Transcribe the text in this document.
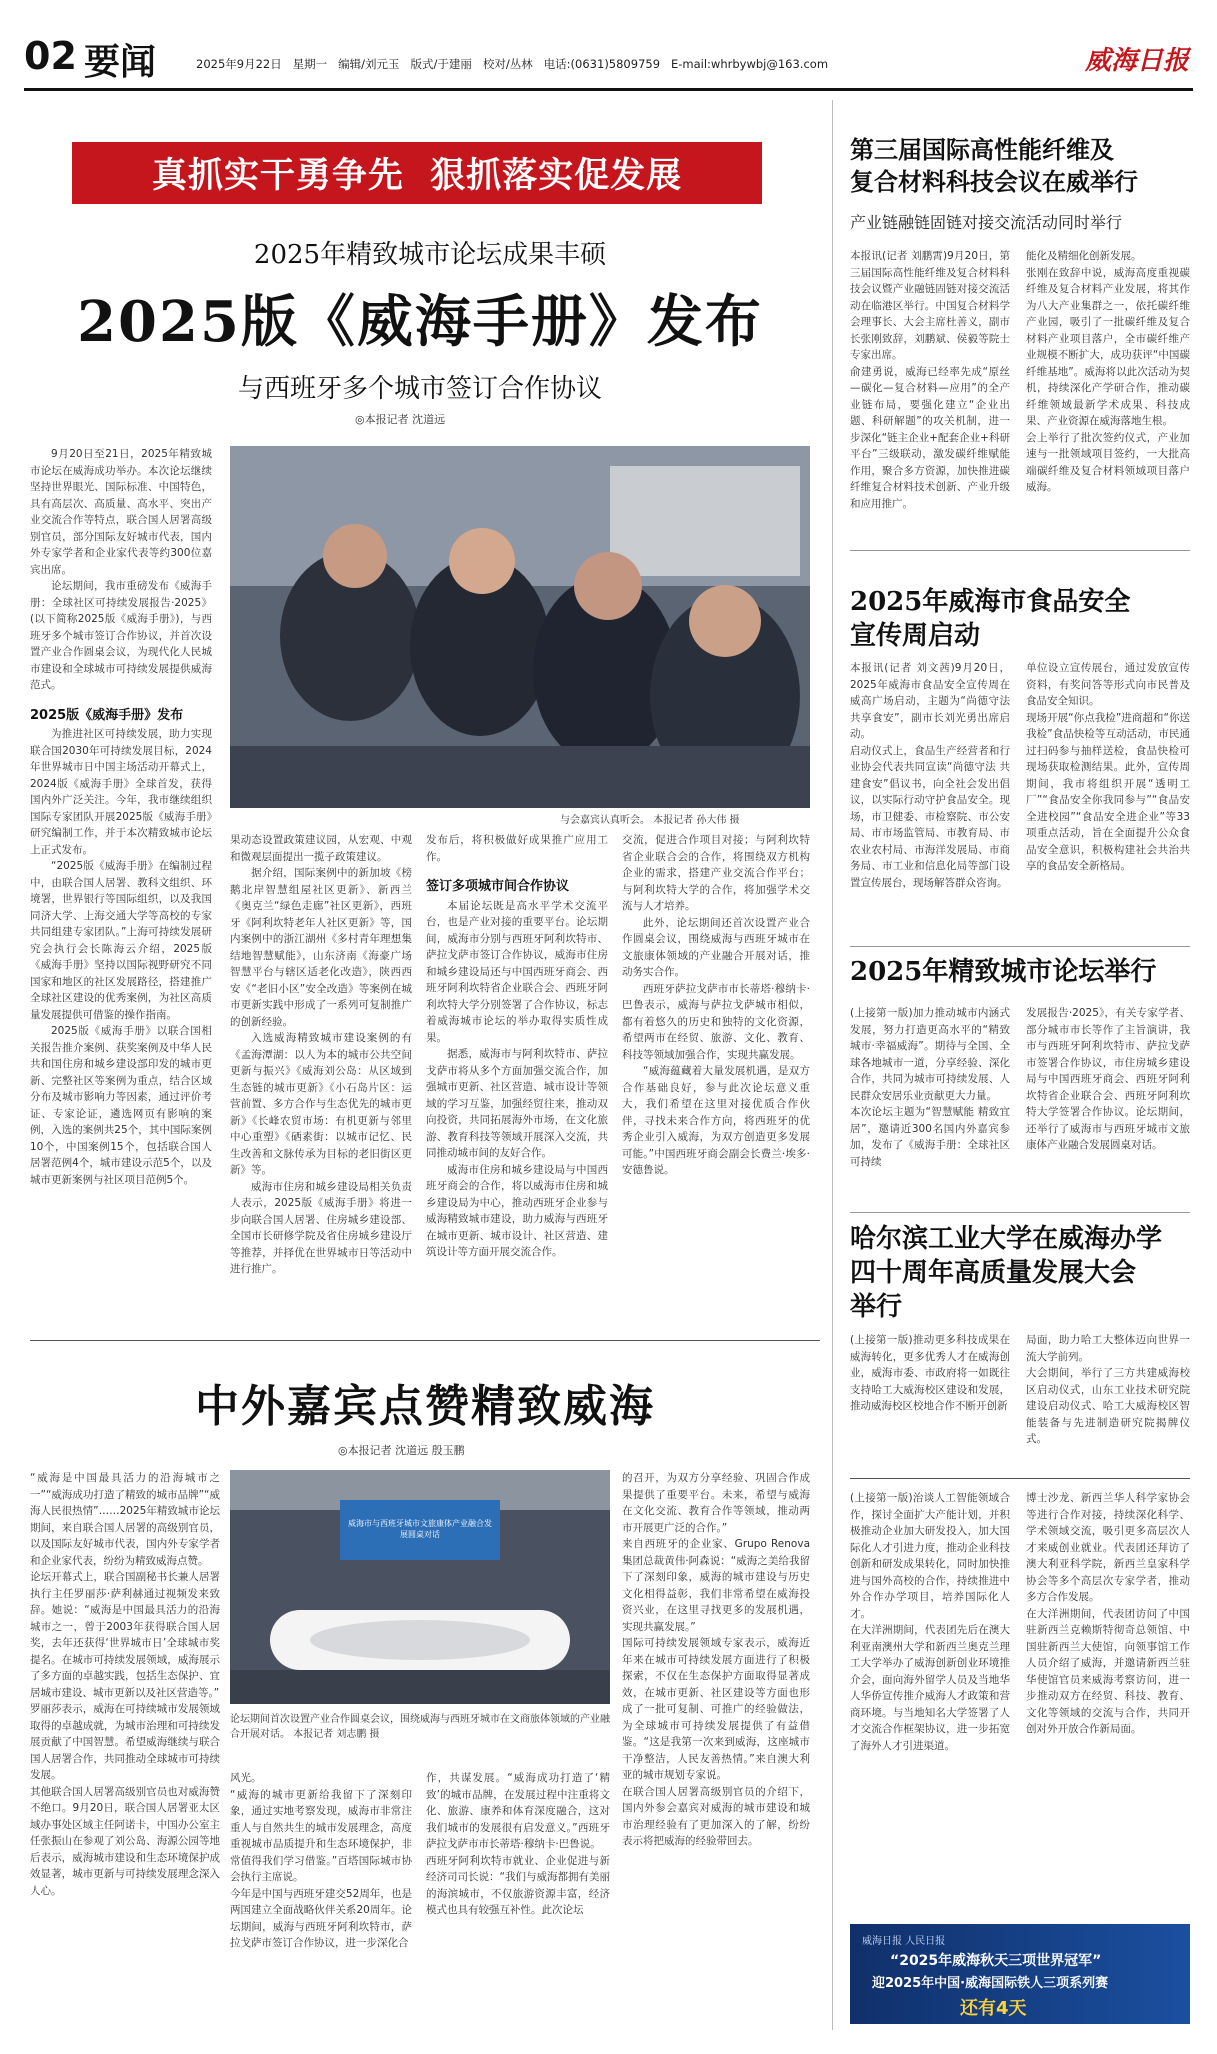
02 要闻	2025年9月22日 星期一 编辑/刘元玉 版式/于建丽 校对/丛林 电话:(0631)5809759 E-mail:whrbywbj@163.com	威海日报
真抓实干勇争先  狠抓落实促发展
2025年精致城市论坛成果丰硕
2025版《威海手册》发布
与西班牙多个城市签订合作协议
◎本报记者 沈道远

9月20日至21日，2025年精致城市论坛在威海成功举办。本次论坛继续坚持世界眼光、国际标准、中国特色，具有高层次、高质量、高水平、突出产业交流合作等特点，联合国人居署高级别官员，部分国际友好城市代表，国内外专家学者和企业家代表等约300位嘉宾出席。

论坛期间，我市重磅发布《威海手册：全球社区可持续发展报告·2025》(以下简称2025版《威海手册》)，与西班牙多个城市签订合作协议，并首次设置产业合作圆桌会议，为现代化人民城市建设和全球城市可持续发展提供威海范式。

2025版《威海手册》发布

为推进社区可持续发展，助力实现联合国2030年可持续发展目标，2024年世界城市日中国主场活动开幕式上，2024版《威海手册》全球首发，获得国内外广泛关注。今年，我市继续组织国际专家团队开展2025版《威海手册》研究编制工作，并于本次精致城市论坛上正式发布。

“2025版《威海手册》在编制过程中，由联合国人居署、教科文组织、环境署，世界银行等国际组织，以及我国同济大学、上海交通大学等高校的专家共同组建专家团队。”上海可持续发展研究会执行会长陈海云介绍，2025版《威海手册》坚持以国际视野研究不同国家和地区的社区发展路径，搭建推广全球社区建设的优秀案例，为社区高质量发展提供可借鉴的操作指南。

2025版《威海手册》以联合国相关报告推介案例、获奖案例及中华人民共和国住房和城乡建设部印发的城市更新、完整社区等案例为重点，结合区域分布及城市影响力等因素，通过评价考证、专家论证，遴选网页有影响的案例，入选的案例共25个，其中国际案例10个，中国案例15个，包括联合国人居署范例4个，城市建设示范5个，以及城市更新案例与社区项目范例5个。

与会嘉宾认真听会。 本报记者 孙大伟 摄

果动态设置政策建议园，从宏观、中观和微观层面提出一揽子政策建议。

据介绍，国际案例中的新加坡《榜鹅北岸智慧组屋社区更新》、新西兰《奥克兰“绿色走廊”社区更新》，西班牙《阿利坎特老年人社区更新》等，国内案例中的浙江湖州《多村青年理想集结地智慧赋能》，山东济南《海豪广场智慧平台与辖区适老化改造》，陕西西安《“老旧小区”安全改造》等案例在城市更新实践中形成了一系列可复制推广的创新经验。

入选威海精致城市建设案例的有《孟海潭湖：以人为本的城市公共空间更新与振兴》《威海刘公岛：从区域到生态链的城市更新》《小石岛片区：运营前置、多方合作与生态优先的城市更新》《长峰农贸市场：有机更新与邻里中心重塑》《硒素街：以城市记忆、民生改善和文脉传承为目标的老旧街区更新》等。

威海市住房和城乡建设局相关负责人表示，2025版《威海手册》将进一步向联合国人居署、住房城乡建设部、全国市长研修学院及省住房城乡建设厅等推荐，并择优在世界城市日等活动中进行推广。

发布后，将积极做好成果推广应用工作。

签订多项城市间合作协议

本届论坛既是高水平学术交流平台，也是产业对接的重要平台。论坛期间，威海市分别与西班牙阿利坎特市、萨拉戈萨市签订合作协议，威海市住房和城乡建设局还与中国西班牙商会、西班牙阿利坎特省企业联合会、西班牙阿利坎特大学分别签署了合作协议，标志着威海城市论坛的举办取得实质性成果。

据悉，威海市与阿利坎特市、萨拉戈萨市将从多个方面加强交流合作，加强城市更新、社区营造、城市设计等领域的学习互鉴，加强经贸往来，推动双向投资，共同拓展海外市场，在文化旅游、教育科技等领域开展深入交流，共同推动城市间的友好合作。

威海市住房和城乡建设局与中国西班牙商会的合作，将以威海市住房和城乡建设局为中心，推动西班牙企业参与威海精致城市建设，助力威海与西班牙在城市更新、城市设计、社区营造、建筑设计等方面开展交流合作。

交流，促进合作项目对接；与阿利坎特省企业联合会的合作，将围绕双方机构企业的需求，搭建产业交流合作平台；与阿利坎特大学的合作，将加强学术交流与人才培养。

此外，论坛期间还首次设置产业合作圆桌会议，围绕威海与西班牙城市在文旅康体领域的产业融合开展对话，推动务实合作。

西班牙萨拉戈萨市市长蒂塔·穆纳卡·巴鲁表示，威海与萨拉戈萨城市相似，都有着悠久的历史和独特的文化资源，希望两市在经贸、旅游、文化、教育、科技等领域加强合作，实现共赢发展。

“威海蕴藏着大量发展机遇，是双方合作基础良好，参与此次论坛意义重大，我们希望在这里对接优质合作伙伴，寻找未来合作方向，将西班牙的优秀企业引入威海，为双方创造更多发展可能。”中国西班牙商会副会长费兰·埃多·安德鲁说。

第三届国际高性能纤维及
复合材料科技会议在威举行
产业链融链固链对接交流活动同时举行
本报讯(记者 刘鹏霄)9月20日，第三届国际高性能纤维及复合材料科技会议暨产业融链固链对接交流活动在临港区举行。中国复合材料学会理事长、大会主席杜善义，副市长张刚致辞，刘鹏斌、侯毅等院士专家出席。
俞建勇说，威海已经率先成“原丝—碳化—复合材料—应用”的全产业链布局，要强化建立“企业出题、科研解题”的攻关机制，进一步深化“链主企业+配套企业+科研平台”三级联动，激发碳纤维赋能作用，聚合多方资源，加快推进碳纤维复合材料技术创新、产业升级和应用推广。
能化及精细化创新发展。
张刚在致辞中说，威海高度重视碳纤维及复合材料产业发展，将其作为八大产业集群之一，依托碳纤维产业园，吸引了一批碳纤维及复合材料产业项目落户，全市碳纤维产业规模不断扩大，成功获评“中国碳纤维基地”。威海将以此次活动为契机，持续深化产学研合作，推动碳纤维领域最新学术成果、科技成果、产业资源在威海落地生根。
会上举行了批次签约仪式，产业加速与一批领域项目签约，一大批高端碳纤维及复合材料领域项目落户威海。
2025年威海市食品安全
宣传周启动
本报讯(记者 刘文茜)9月20日，2025年威海市食品安全宣传周在威高广场启动，主题为“尚德守法 共享食安”，副市长刘光勇出席启动。
启动仪式上，食品生产经营者和行业协会代表共同宣读“尚德守法 共建食安”倡议书，向全社会发出倡议，以实际行动守护食品安全。现场，市卫健委、市检察院、市公安局、市市场监管局、市教育局、市农业农村局、市海洋发展局、市商务局、市工业和信息化局等部门设置宣传展台，现场解答群众咨询。
单位设立宣传展台，通过发放宣传资料，有奖问答等形式向市民普及食品安全知识。
现场开展“你点我检”进商超和“你送我检”食品快检等互动活动，市民通过扫码参与抽样送检，食品快检可现场获取检测结果。此外，宣传周期间，我市将组织开展“透明工厂”“食品安全你我同参与”“食品安全进校园”“食品安全进企业”等33项重点活动，旨在全面提升公众食品安全意识，积极构建社会共治共享的食品安全新格局。
2025年精致城市论坛举行
(上接第一版)加力推动城市内涵式发展，努力打造更高水平的“精致城市·幸福威海”。期待与全国、全球各地城市一道，分享经验、深化合作，共同为城市可持续发展、人民群众安居乐业贡献更大力量。
本次论坛主题为“智慧赋能 精致宜居”，邀请近300名国内外嘉宾参加，发布了《威海手册：全球社区可持续
发展报告·2025》，有关专家学者、部分城市市长等作了主旨演讲，我市与西班牙阿利坎特市、萨拉戈萨市签署合作协议，市住房城乡建设局与中国西班牙商会、西班牙阿利坎特省企业联合会、西班牙阿利坎特大学签署合作协议。论坛期间，还举行了威海市与西班牙城市文旅康体产业融合发展圆桌对话。
哈尔滨工业大学在威海办学
四十周年高质量发展大会
举行
(上接第一版)推动更多科技成果在威海转化，更多优秀人才在威海创业，威海市委、市政府将一如既往支持哈工大威海校区建设和发展，推动威海校区校地合作不断开创新
局面，助力哈工大整体迈向世界一流大学前列。
大会期间，举行了三方共建威海校区启动仪式，山东工业技术研究院建设启动仪式、哈工大威海校区智能装备与先进制造研究院揭牌仪式。
中外嘉宾点赞精致威海
◎本报记者 沈道远 殷玉鹏
“威海是中国最具活力的沿海城市之一”“威海成功打造了精致的城市品牌”“威海人民很热情”……2025年精致城市论坛期间，来自联合国人居署的高级别官员，以及国际友好城市代表，国内外专家学者和企业家代表，纷纷为精致威海点赞。
论坛开幕式上，联合国副秘书长兼人居署执行主任罗丽莎·萨利赫通过视频发来致辞。她说：“威海是中国最具活力的沿海城市之一，曾于2003年获得联合国人居奖，去年还获得‘世界城市日’全球城市奖提名。在城市可持续发展领域，威海展示了多方面的卓越实践，包括生态保护、宜居城市建设、城市更新以及社区营造等。”
罗丽莎表示，威海在可持续城市发展领域取得的卓越成就，为城市治理和可持续发展贡献了中国智慧。希望威海继续与联合国人居署合作，共同推动全球城市可持续发展。
其他联合国人居署高级别官员也对威海赞不绝口。9月20日，联合国人居署亚太区域办事处区域主任阿诺卡，中国办公室主任张振山在参观了刘公岛、海源公园等地后表示，威海城市建设和生态环境保护成效显著，城市更新与可持续发展理念深入人心。
威海市与西班牙城市文旅康体产业融合发展圆桌对话
论坛期间首次设置产业合作圆桌会议，围绕威海与西班牙城市在文商旅体领域的产业融合开展对话。 本报记者 刘志鹏 摄
风光。
“威海的城市更新给我留下了深刻印象，通过实地考察发现，威海市非常注重人与自然共生的城市发展理念，高度重视城市品质提升和生态环境保护，非常值得我们学习借鉴。”百塔国际城市协会执行主席说。
今年是中国与西班牙建交52周年，也是两国建立全面战略伙伴关系20周年。论坛期间，威海与西班牙阿利坎特市，萨拉戈萨市签订合作协议，进一步深化合
作，共谋发展。“威海成功打造了‘精致’的城市品牌，在发展过程中注重将文化、旅游、康养和体育深度融合，这对我们城市的发展很有启发意义。”西班牙萨拉戈萨市市长蒂塔·穆纳卡·巴鲁说。
西班牙阿利坎特市就业、企业促进与新经济司司长说：“我们与威海都拥有美丽的海滨城市，不仅旅游资源丰富，经济模式也具有较强互补性。此次论坛
的召开，为双方分享经验、巩固合作成果提供了重要平台。未来，希望与威海在文化交流、教育合作等领域，推动两市开展更广泛的合作。”
来自西班牙的企业家、Grupo Renova集团总裁黄伟·阿森说：“威海之美给我留下了深刻印象，威海的城市建设与历史文化相得益彰，我们非常希望在威海投资兴业，在这里寻找更多的发展机遇，实现共赢发展。”
国际可持续发展领域专家表示，威海近年来在城市可持续发展方面进行了积极探索，不仅在生态保护方面取得显著成效，在城市更新、社区建设等方面也形成了一批可复制、可推广的经验做法，为全球城市可持续发展提供了有益借鉴。“这是我第一次来到威海，这座城市干净整洁，人民友善热情。”来自澳大利亚的城市规划专家说。
在联合国人居署高级别官员的介绍下，国内外参会嘉宾对威海的城市建设和城市治理经验有了更加深入的了解，纷纷表示将把威海的经验带回去。
(上接第一版)治谈人工智能领域合作，探讨全面扩大产能计划，并积极推动企业加大研发投入，加大国际化人才引进力度，推动企业科技创新和研发成果转化，同时加快推进与国外高校的合作，持续推进中外合作办学项目，培养国际化人才。
在大洋洲期间，代表团先后在澳大利亚南澳州大学和新西兰奥克兰理工大学举办了威海创新创业环境推介会，面向海外留学人员及当地华人华侨宣传推介威海人才政策和营商环境。与当地知名大学签署了人才交流合作框架协议，进一步拓宽了海外人才引进渠道。
博士沙龙、新西兰华人科学家协会等进行合作对接，持续深化科学、学术领域交流，吸引更多高层次人才来威创业就业。代表团还拜访了澳大利亚科学院，新西兰皇家科学协会等多个高层次专家学者，推动多方合作发展。
在大洋洲期间，代表团访问了中国驻新西兰克赖斯特彻奇总领馆、中国驻新西兰大使馆，向领事馆工作人员介绍了威海，并邀请新西兰驻华使馆官员来威海考察访问，进一步推动双方在经贸、科技、教育、文化等领域的交流与合作，共同开创对外开放合作新局面。
威海日报 人民日报
“2025年威海秋天三项世界冠军”
迎2025年中国·威海国际铁人三项系列赛
还有4天
